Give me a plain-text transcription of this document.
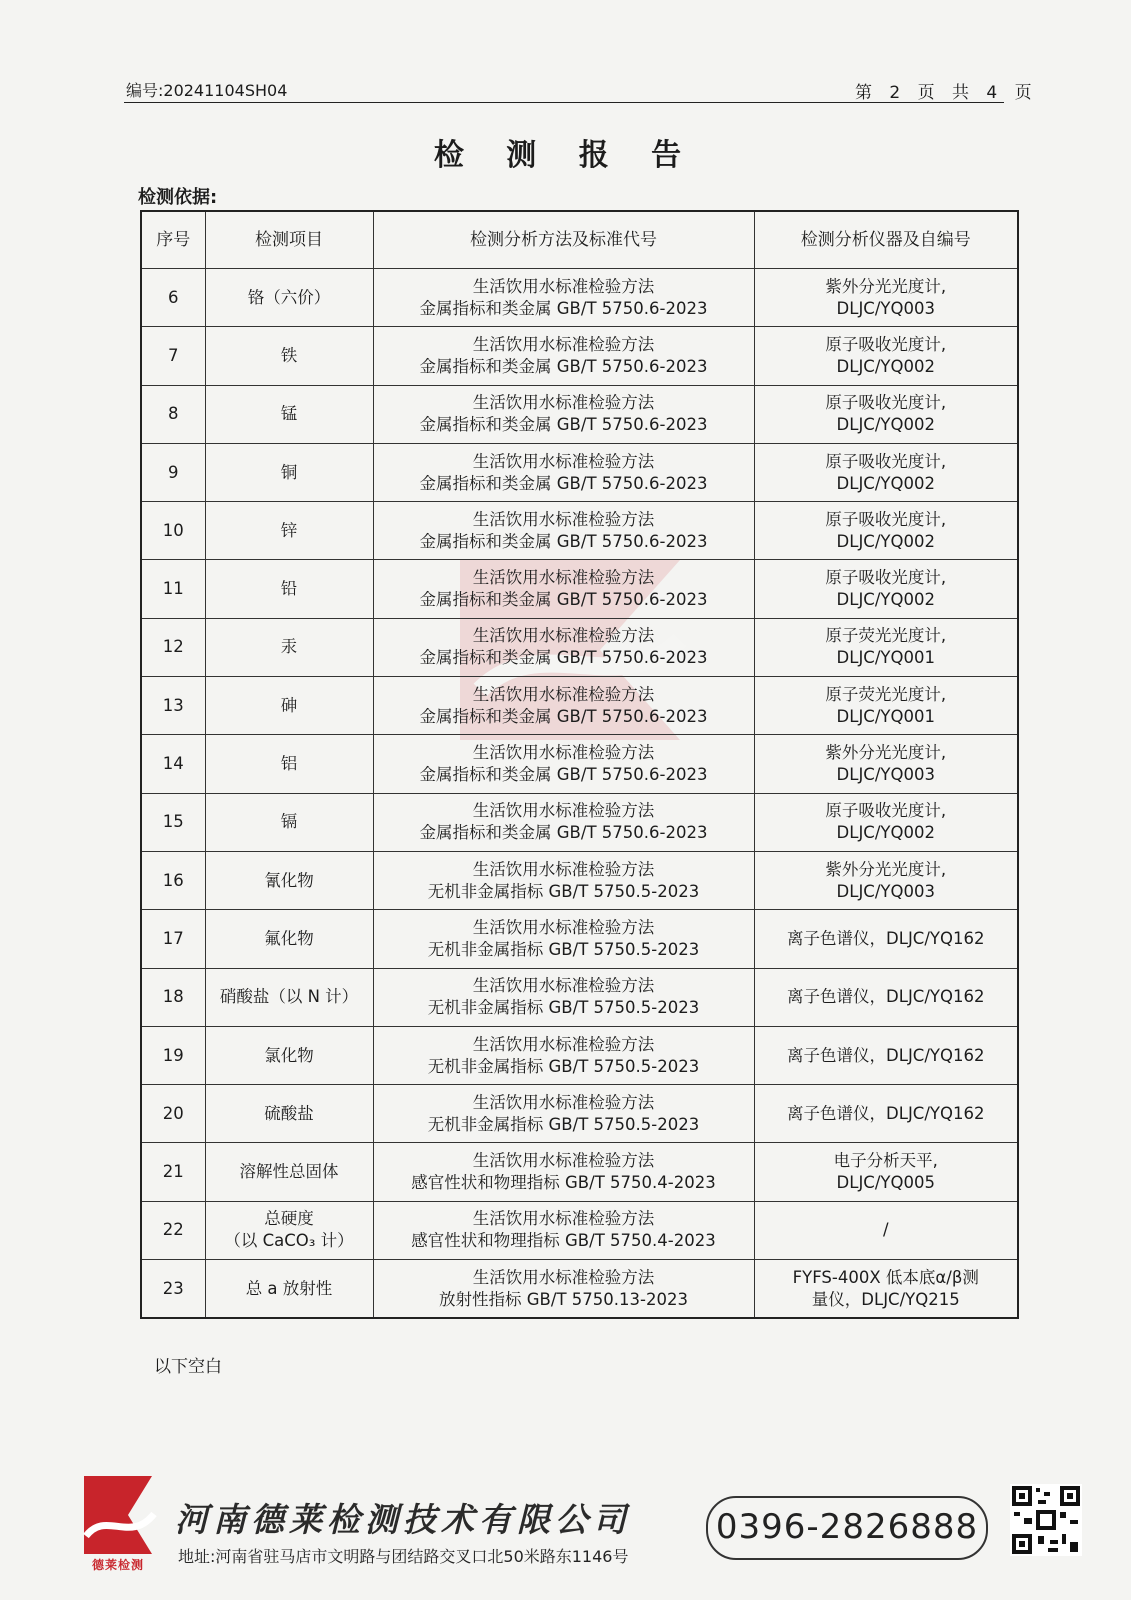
编号:20241104SH04	第 2 页 共 4 页
检 测 报 告
检测依据:
序号	检测项目	检测分析方法及标准代号	检测分析仪器及自编号
6	铬（六价）	生活饮用水标准检验方法
金属指标和类金属 GB/T 5750.6-2023	紫外分光光度计,
DLJC/YQ003

7	铁	生活饮用水标准检验方法
金属指标和类金属 GB/T 5750.6-2023	原子吸收光度计,
DLJC/YQ002

8	锰	生活饮用水标准检验方法
金属指标和类金属 GB/T 5750.6-2023	原子吸收光度计,
DLJC/YQ002

9	铜	生活饮用水标准检验方法
金属指标和类金属 GB/T 5750.6-2023	原子吸收光度计,
DLJC/YQ002

10	锌	生活饮用水标准检验方法
金属指标和类金属 GB/T 5750.6-2023	原子吸收光度计,
DLJC/YQ002

11	铅	生活饮用水标准检验方法
金属指标和类金属 GB/T 5750.6-2023	原子吸收光度计,
DLJC/YQ002

12	汞	生活饮用水标准检验方法
金属指标和类金属 GB/T 5750.6-2023	原子荧光光度计,
DLJC/YQ001

13	砷	生活饮用水标准检验方法
金属指标和类金属 GB/T 5750.6-2023	原子荧光光度计,
DLJC/YQ001

14	铝	生活饮用水标准检验方法
金属指标和类金属 GB/T 5750.6-2023	紫外分光光度计,
DLJC/YQ003

15	镉	生活饮用水标准检验方法
金属指标和类金属 GB/T 5750.6-2023	原子吸收光度计,
DLJC/YQ002

16	氰化物	生活饮用水标准检验方法
无机非金属指标 GB/T 5750.5-2023	紫外分光光度计,
DLJC/YQ003

17	氟化物	生活饮用水标准检验方法
无机非金属指标 GB/T 5750.5-2023	离子色谱仪，DLJC/YQ162

18	硝酸盐（以 N 计）	生活饮用水标准检验方法
无机非金属指标 GB/T 5750.5-2023	离子色谱仪，DLJC/YQ162

19	氯化物	生活饮用水标准检验方法
无机非金属指标 GB/T 5750.5-2023	离子色谱仪，DLJC/YQ162

20	硫酸盐	生活饮用水标准检验方法
无机非金属指标 GB/T 5750.5-2023	离子色谱仪，DLJC/YQ162

21	溶解性总固体	生活饮用水标准检验方法
感官性状和物理指标 GB/T 5750.4-2023	电子分析天平,
DLJC/YQ005

22	总硬度
（以 CaCO₃ 计）	生活饮用水标准检验方法
感官性状和物理指标 GB/T 5750.4-2023	/

23	总 a 放射性	生活饮用水标准检验方法
放射性指标 GB/T 5750.13-2023	FYFS-400X 低本底α/β测
量仪，DLJC/YQ215
以下空白
德莱检测
河南德莱检测技术有限公司
地址:河南省驻马店市文明路与团结路交叉口北50米路东1146号
0396-2826888
